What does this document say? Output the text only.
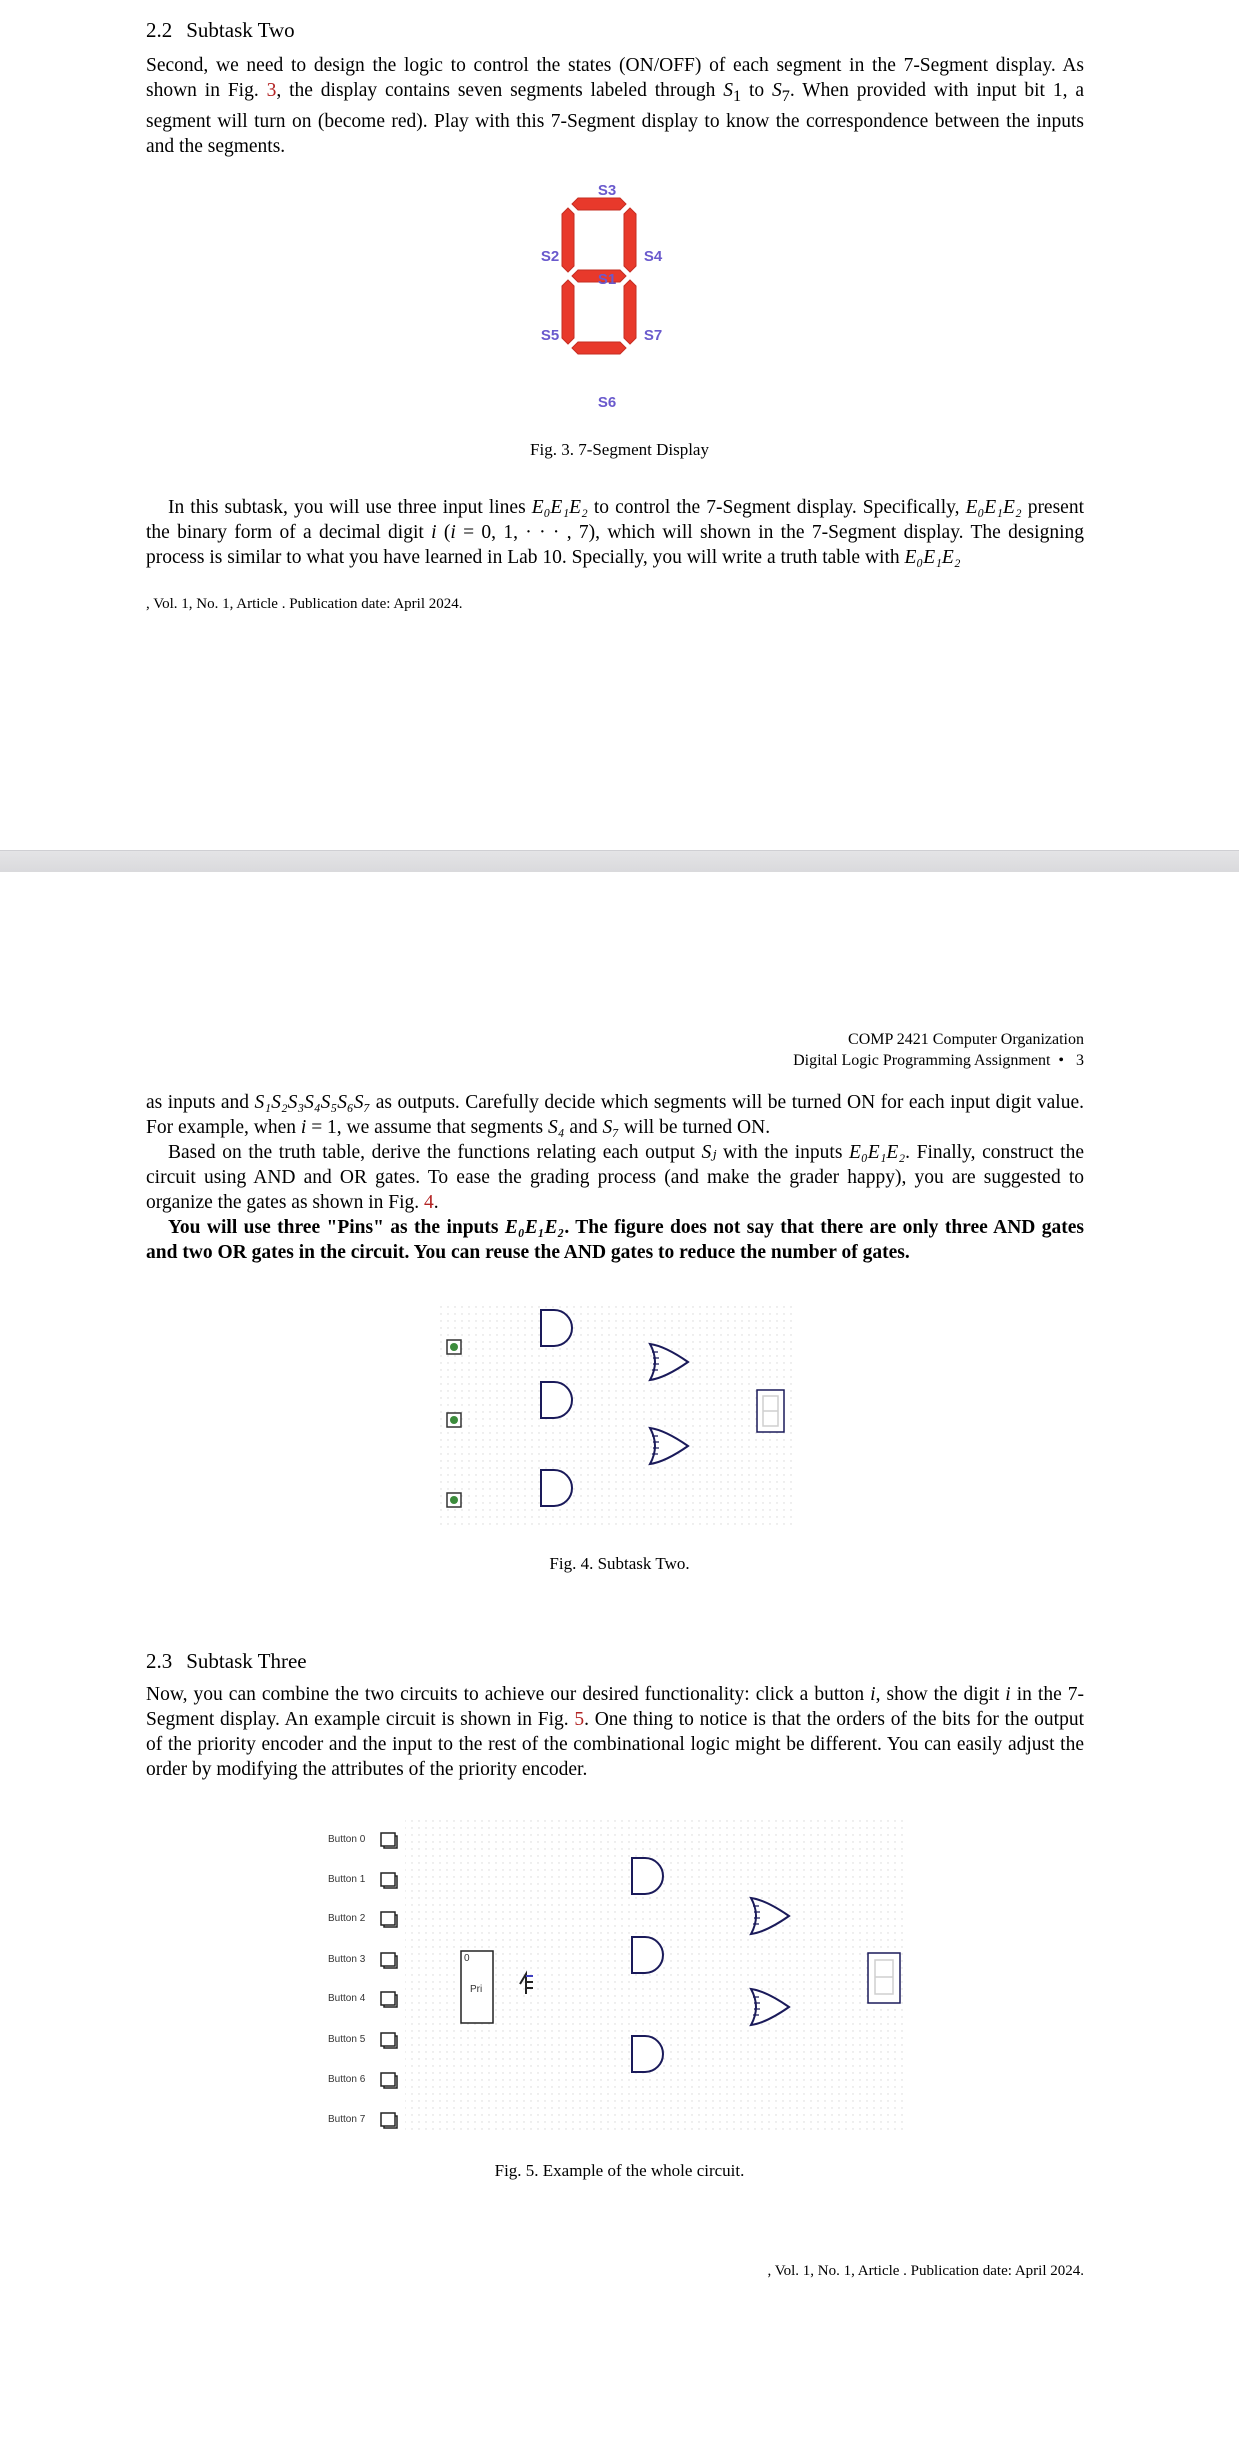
2.2 Subtask Two

Second, we need to design the logic to control the states (ON/OFF) of each segment in the 7-Segment display. As shown in Fig. 3, the display contains seven segments labeled through $S_1$ to $S_7$. When provided with input bit 1, a segment will turn on (become red). Play with this 7-Segment display to know the correspondence between the inputs and the segments.

S3
S2	S4
S1
S5	S7
S6
Fig. 3. 7-Segment Display

In this subtask, you will use three input lines E₀E₁E₂ to control the 7-Segment display. Specifically, E₀E₁E₂ present the binary form of a decimal digit i (i = 0, 1, · · · , 7), which will shown in the 7-Segment display. The designing process is similar to what you have learned in Lab 10. Specially, you will write a truth table with E₀E₁E₂

, Vol. 1, No. 1, Article . Publication date: April 2024.
COMP 2421 Computer Organization
Digital Logic Programming Assignment • 3

as inputs and S₁S₂S₃S₄S₅S₆S₇ as outputs. Carefully decide which segments will be turned ON for each input digit value. For example, when i = 1, we assume that segments S₄ and S₇ will be turned ON.

Based on the truth table, derive the functions relating each output Sⱼ with the inputs E₀E₁E₂. Finally, construct the circuit using AND and OR gates. To ease the grading process (and make the grader happy), you are suggested to organize the gates as shown in Fig. 4.

You will use three "Pins" as the inputs E₀E₁E₂. The figure does not say that there are only three AND gates and two OR gates in the circuit. You can reuse the AND gates to reduce the number of gates.

Fig. 4. Subtask Two.
2.3 Subtask Three

Now, you can combine the two circuits to achieve our desired functionality: click a button i, show the digit i in the 7-Segment display. An example circuit is shown in Fig. 5. One thing to notice is that the orders of the bits for the output of the priority encoder and the input to the rest of the combinational logic might be different. You can easily adjust the order by modifying the attributes of the priority encoder.

Button 0
Button 1
Button 2
Button 3
Button 4
Button 5
Button 6
Button 7
0
Pri
Fig. 5. Example of the whole circuit.
, Vol. 1, No. 1, Article . Publication date: April 2024.
